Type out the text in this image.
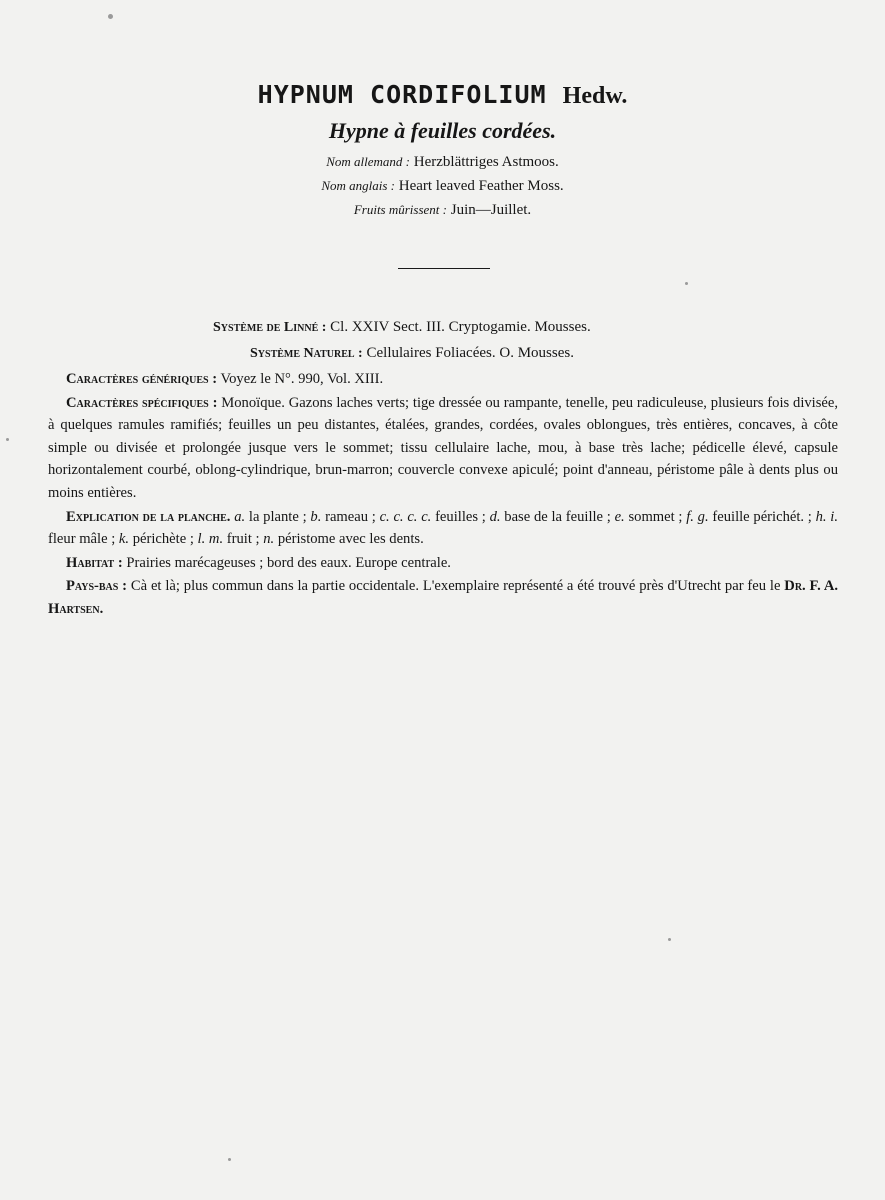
HYPNUM CORDIFOLIUM Hedw.
Hypne à feuilles cordées.
Nom allemand : Herzblättriges Astmoos.
Nom anglais : Heart leaved Feather Moss.
Fruits mûrissent : Juin—Juillet.
Système de Linné : Cl. XXIV Sect. III. Cryptogamie. Mousses.
Système Naturel : Cellulaires Foliacées. O. Mousses.

Caractères génériques : Voyez le N°. 990, Vol. XIII.

Caractères spécifiques : Monoïque. Gazons laches verts; tige dressée ou rampante, tenelle, peu radiculeuse, plusieurs fois divisée, à quelques ramules ramifiés; feuilles un peu distantes, étalées, grandes, cordées, ovales oblongues, très entières, concaves, à côte simple ou divisée et prolongée jusque vers le sommet; tissu cellulaire lache, mou, à base très lache; pédicelle élevé, capsule horizontalement courbé, oblong-cylindrique, brun-marron; couvercle convexe apiculé; point d'anneau, péristome pâle à dents plus ou moins entières.

Explication de la planche. a. la plante ; b. rameau ; c. c. c. c. feuilles ; d. base de la feuille ; e. sommet ; f. g. feuille périchét. ; h. i. fleur mâle ; k. périchète ; l. m. fruit ; n. péristome avec les dents.

Habitat : Prairies marécageuses ; bord des eaux. Europe centrale.

Pays-bas : Cà et là; plus commun dans la partie occidentale. L'exemplaire représenté a été trouvé près d'Utrecht par feu le Dr. F. A. Hartsen.
